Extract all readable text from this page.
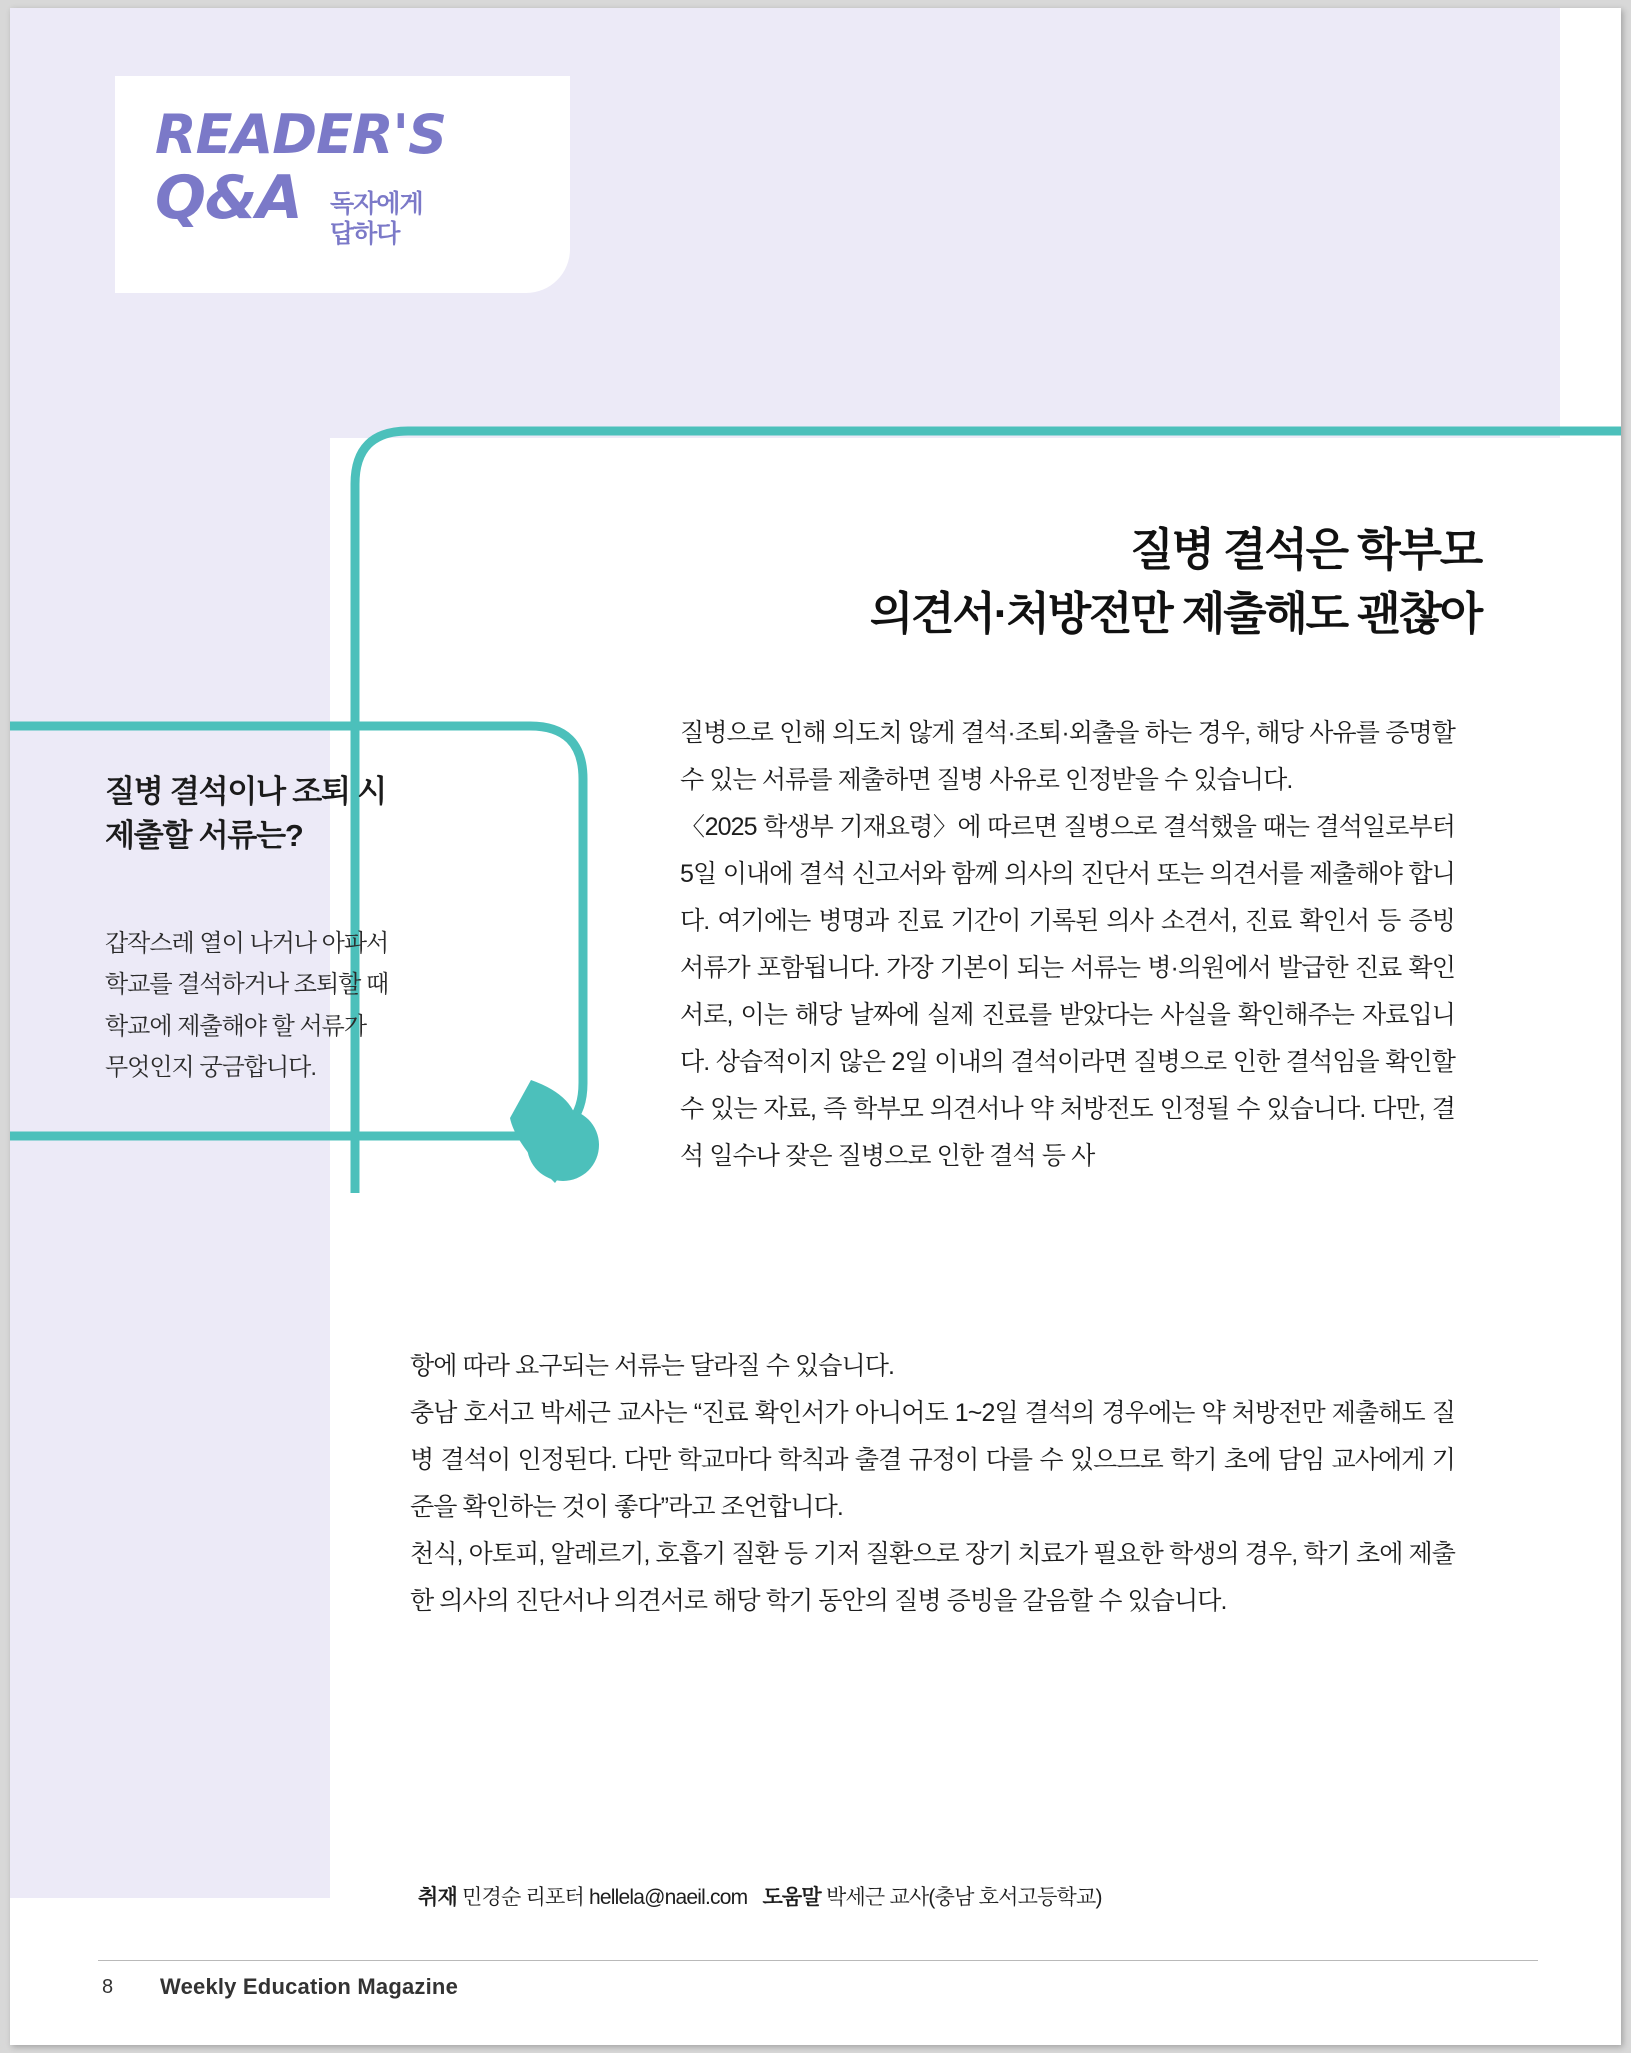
READER'S
Q&A 독자에게
답하다
질병 결석은 학부모
의견서·처방전만 제출해도 괜찮아
질병 결석이나 조퇴 시
제출할 서류는?
갑작스레 열이 나거나 아파서
학교를 결석하거나 조퇴할 때
학교에 제출해야 할 서류가
무엇인지 궁금합니다.

질병으로 인해 의도치 않게 결석·조퇴·외출을 하는 경우, 해당 사유를 증명할 수 있는 서류를 제출하면 질병 사유로 인정받을 수 있습니다.

〈2025 학생부 기재요령〉에 따르면 질병으로 결석했을 때는 결석일로부터 5일 이내에 결석 신고서와 함께 의사의 진단서 또는 의견서를 제출해야 합니다. 여기에는 병명과 진료 기간이 기록된 의사 소견서, 진료 확인서 등 증빙 서류가 포함됩니다. 가장 기본이 되는 서류는 병·의원에서 발급한 진료 확인서로, 이는 해당 날짜에 실제 진료를 받았다는 사실을 확인해주는 자료입니다. 상습적이지 않은 2일 이내의 결석이라면 질병으로 인한 결석임을 확인할 수 있는 자료, 즉 학부모 의견서나 약 처방전도 인정될 수 있습니다. 다만, 결석 일수나 잦은 질병으로 인한 결석 등 사

항에 따라 요구되는 서류는 달라질 수 있습니다.

충남 호서고 박세근 교사는 “진료 확인서가 아니어도 1~2일 결석의 경우에는 약 처방전만 제출해도 질병 결석이 인정된다. 다만 학교마다 학칙과 출결 규정이 다를 수 있으므로 학기 초에 담임 교사에게 기준을 확인하는 것이 좋다”라고 조언합니다.

천식, 아토피, 알레르기, 호흡기 질환 등 기저 질환으로 장기 치료가 필요한 학생의 경우, 학기 초에 제출한 의사의 진단서나 의견서로 해당 학기 동안의 질병 증빙을 갈음할 수 있습니다.

취재 민경순 리포터 hellela@naeil.com 도움말 박세근 교사(충남 호서고등학교)
8 Weekly Education Magazine
